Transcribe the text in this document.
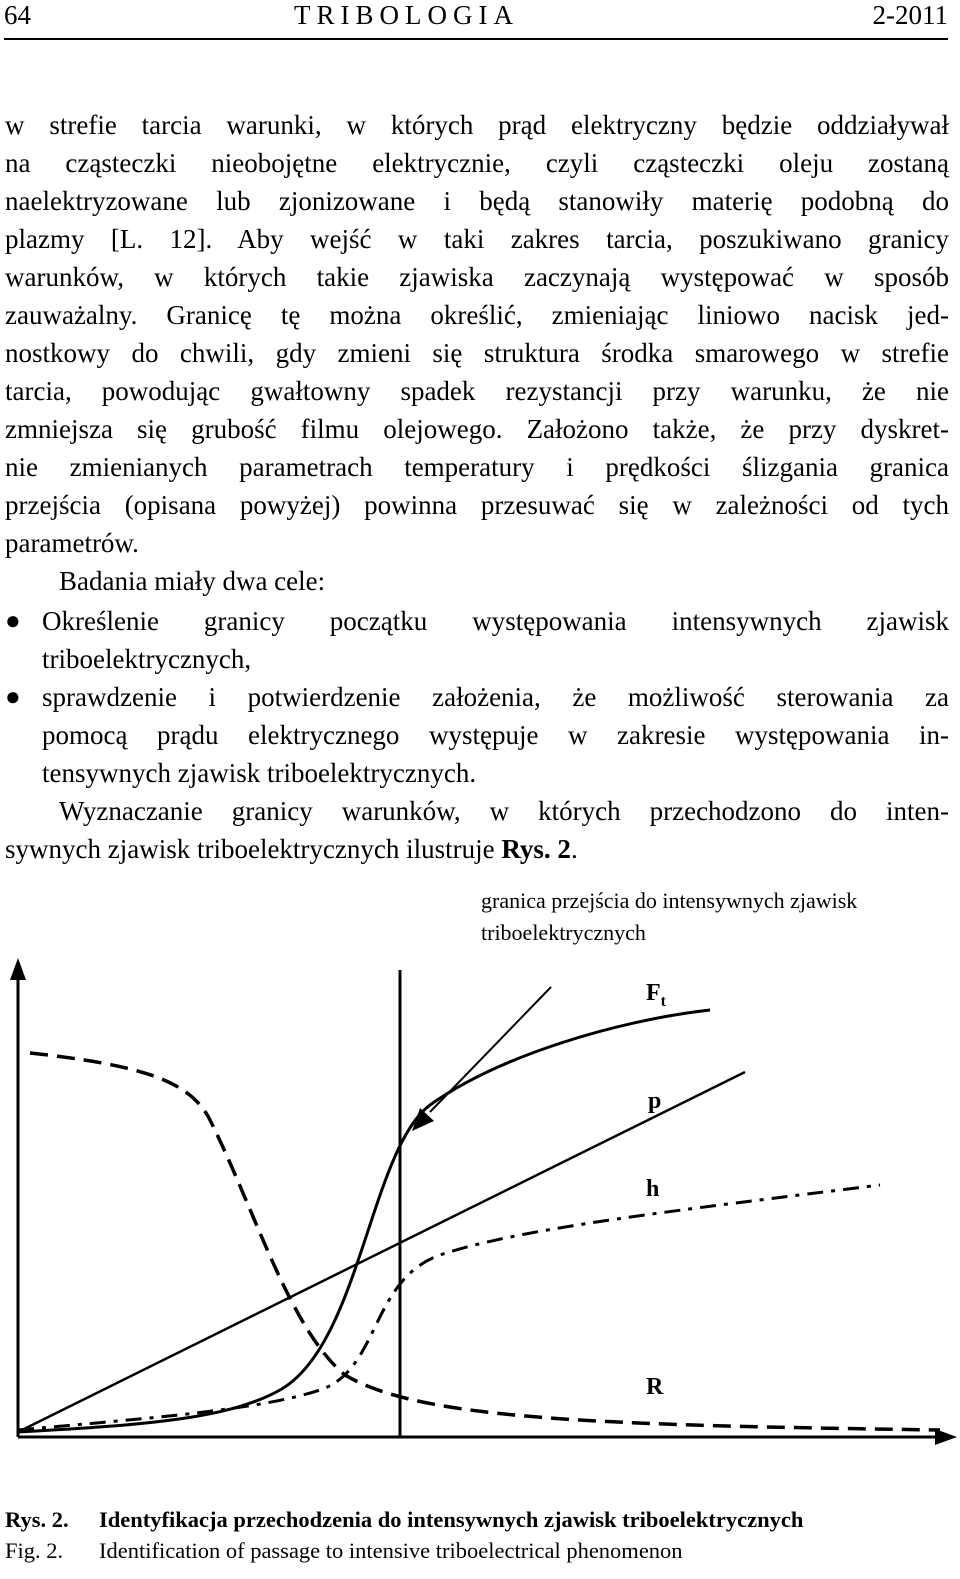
64	TRIBOLOGIA	2-2011
w strefie tarcia warunki, w których prąd elektryczny będzie oddziaływał
na cząsteczki nieobojętne elektrycznie, czyli cząsteczki oleju zostaną
naelektryzowane lub zjonizowane i będą stanowiły materię podobną do
plazmy [L. 12]. Aby wejść w taki zakres tarcia, poszukiwano granicy
warunków, w których takie zjawiska zaczynają występować w sposób
zauważalny. Granicę tę można określić, zmieniając liniowo nacisk jed-
nostkowy do chwili, gdy zmieni się struktura środka smarowego w strefie
tarcia, powodując gwałtowny spadek rezystancji przy warunku, że nie
zmniejsza się grubość filmu olejowego. Założono także, że przy dyskret-
nie zmienianych parametrach temperatury i prędkości ślizgania granica
przejścia (opisana powyżej) powinna przesuwać się w zależności od tych
parametrów.
Badania miały dwa cele:
● Określenie granicy początku występowania intensywnych zjawisk
triboelektrycznych,
● sprawdzenie i potwierdzenie założenia, że możliwość sterowania za
pomocą prądu elektrycznego występuje w zakresie występowania in-
tensywnych zjawisk triboelektrycznych.
Wyznaczanie granicy warunków, w których przechodzono do inten-
sywnych zjawisk triboelektrycznych ilustruje Rys. 2.
granica przejścia do intensywnych zjawisk
triboelektrycznych
$F_t$
p
h
R
Rys. 2. Identyfikacja przechodzenia do intensywnych zjawisk triboelektrycznych
Fig. 2. Identification of passage to intensive triboelectrical phenomenon
